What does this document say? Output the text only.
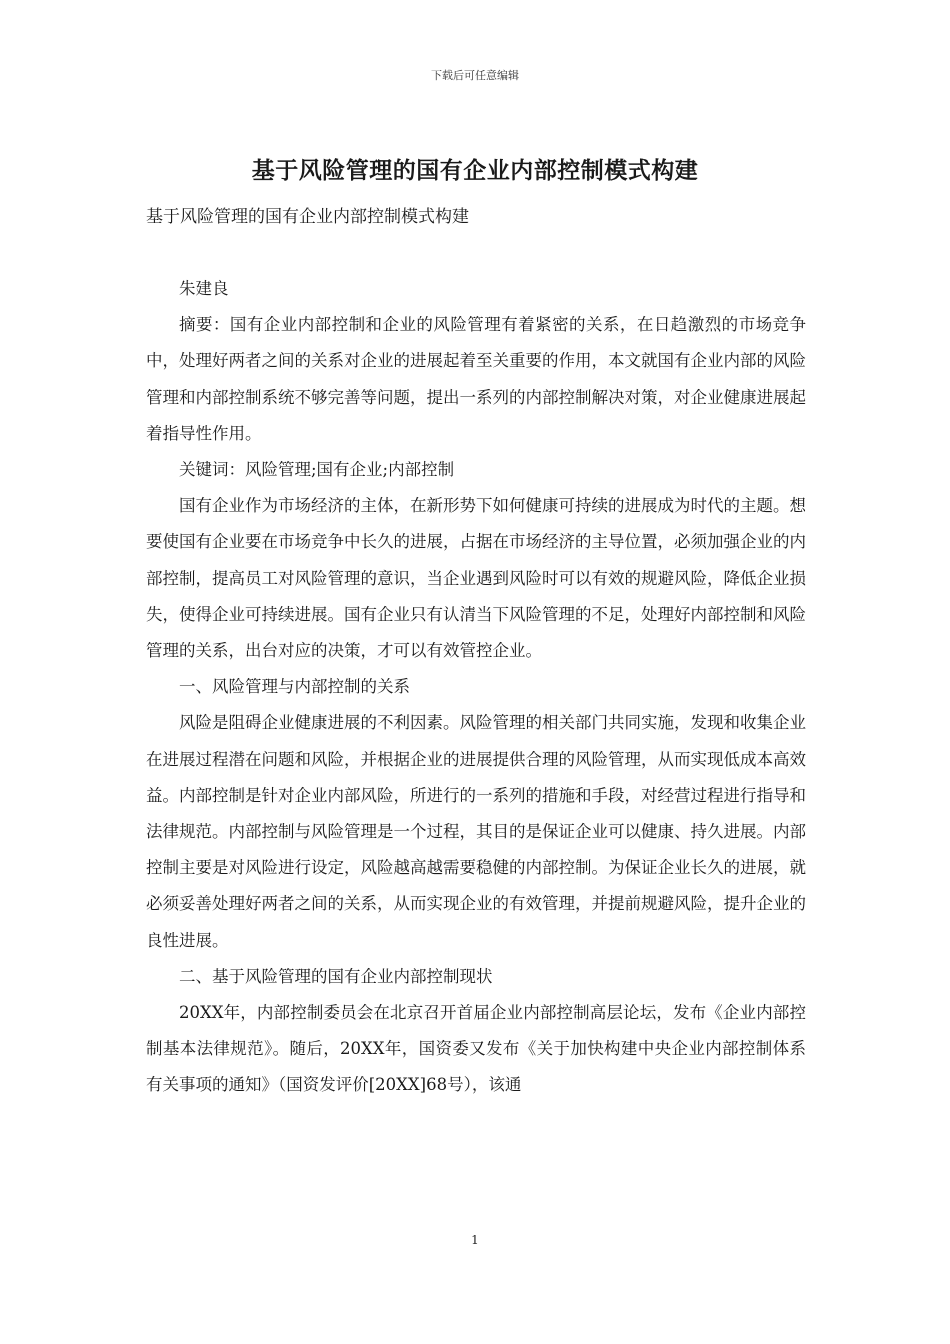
下载后可任意编辑
基于风险管理的国有企业内部控制模式构建
基于风险管理的国有企业内部控制模式构建

朱建良

摘要：国有企业内部控制和企业的风险管理有着紧密的关系，在日趋激烈的市场竞争中，处理好两者之间的关系对企业的进展起着至关重要的作用，本文就国有企业内部的风险管理和内部控制系统不够完善等问题，提出一系列的内部控制解决对策，对企业健康进展起着指导性作用。

关键词：风险管理;国有企业;内部控制

国有企业作为市场经济的主体，在新形势下如何健康可持续的进展成为时代的主题。想要使国有企业要在市场竞争中长久的进展，占据在市场经济的主导位置，必须加强企业的内部控制，提高员工对风险管理的意识，当企业遇到风险时可以有效的规避风险，降低企业损失，使得企业可持续进展。国有企业只有认清当下风险管理的不足，处理好内部控制和风险管理的关系，出台对应的决策，才可以有效管控企业。

一、风险管理与内部控制的关系

风险是阻碍企业健康进展的不利因素。风险管理的相关部门共同实施，发现和收集企业在进展过程潜在问题和风险，并根据企业的进展提供合理的风险管理，从而实现低成本高效益。内部控制是针对企业内部风险，所进行的一系列的措施和手段，对经营过程进行指导和法律规范。内部控制与风险管理是一个过程，其目的是保证企业可以健康、持久进展。内部控制主要是对风险进行设定，风险越高越需要稳健的内部控制。为保证企业长久的进展，就必须妥善处理好两者之间的关系，从而实现企业的有效管理，并提前规避风险，提升企业的良性进展。

二、基于风险管理的国有企业内部控制现状

20XX年，内部控制委员会在北京召开首届企业内部控制高层论坛，发布《企业内部控制基本法律规范》。随后，20XX年，国资委又发布《关于加快构建中央企业内部控制体系有关事项的通知》（国资发评价[20XX]68号），该通

1
